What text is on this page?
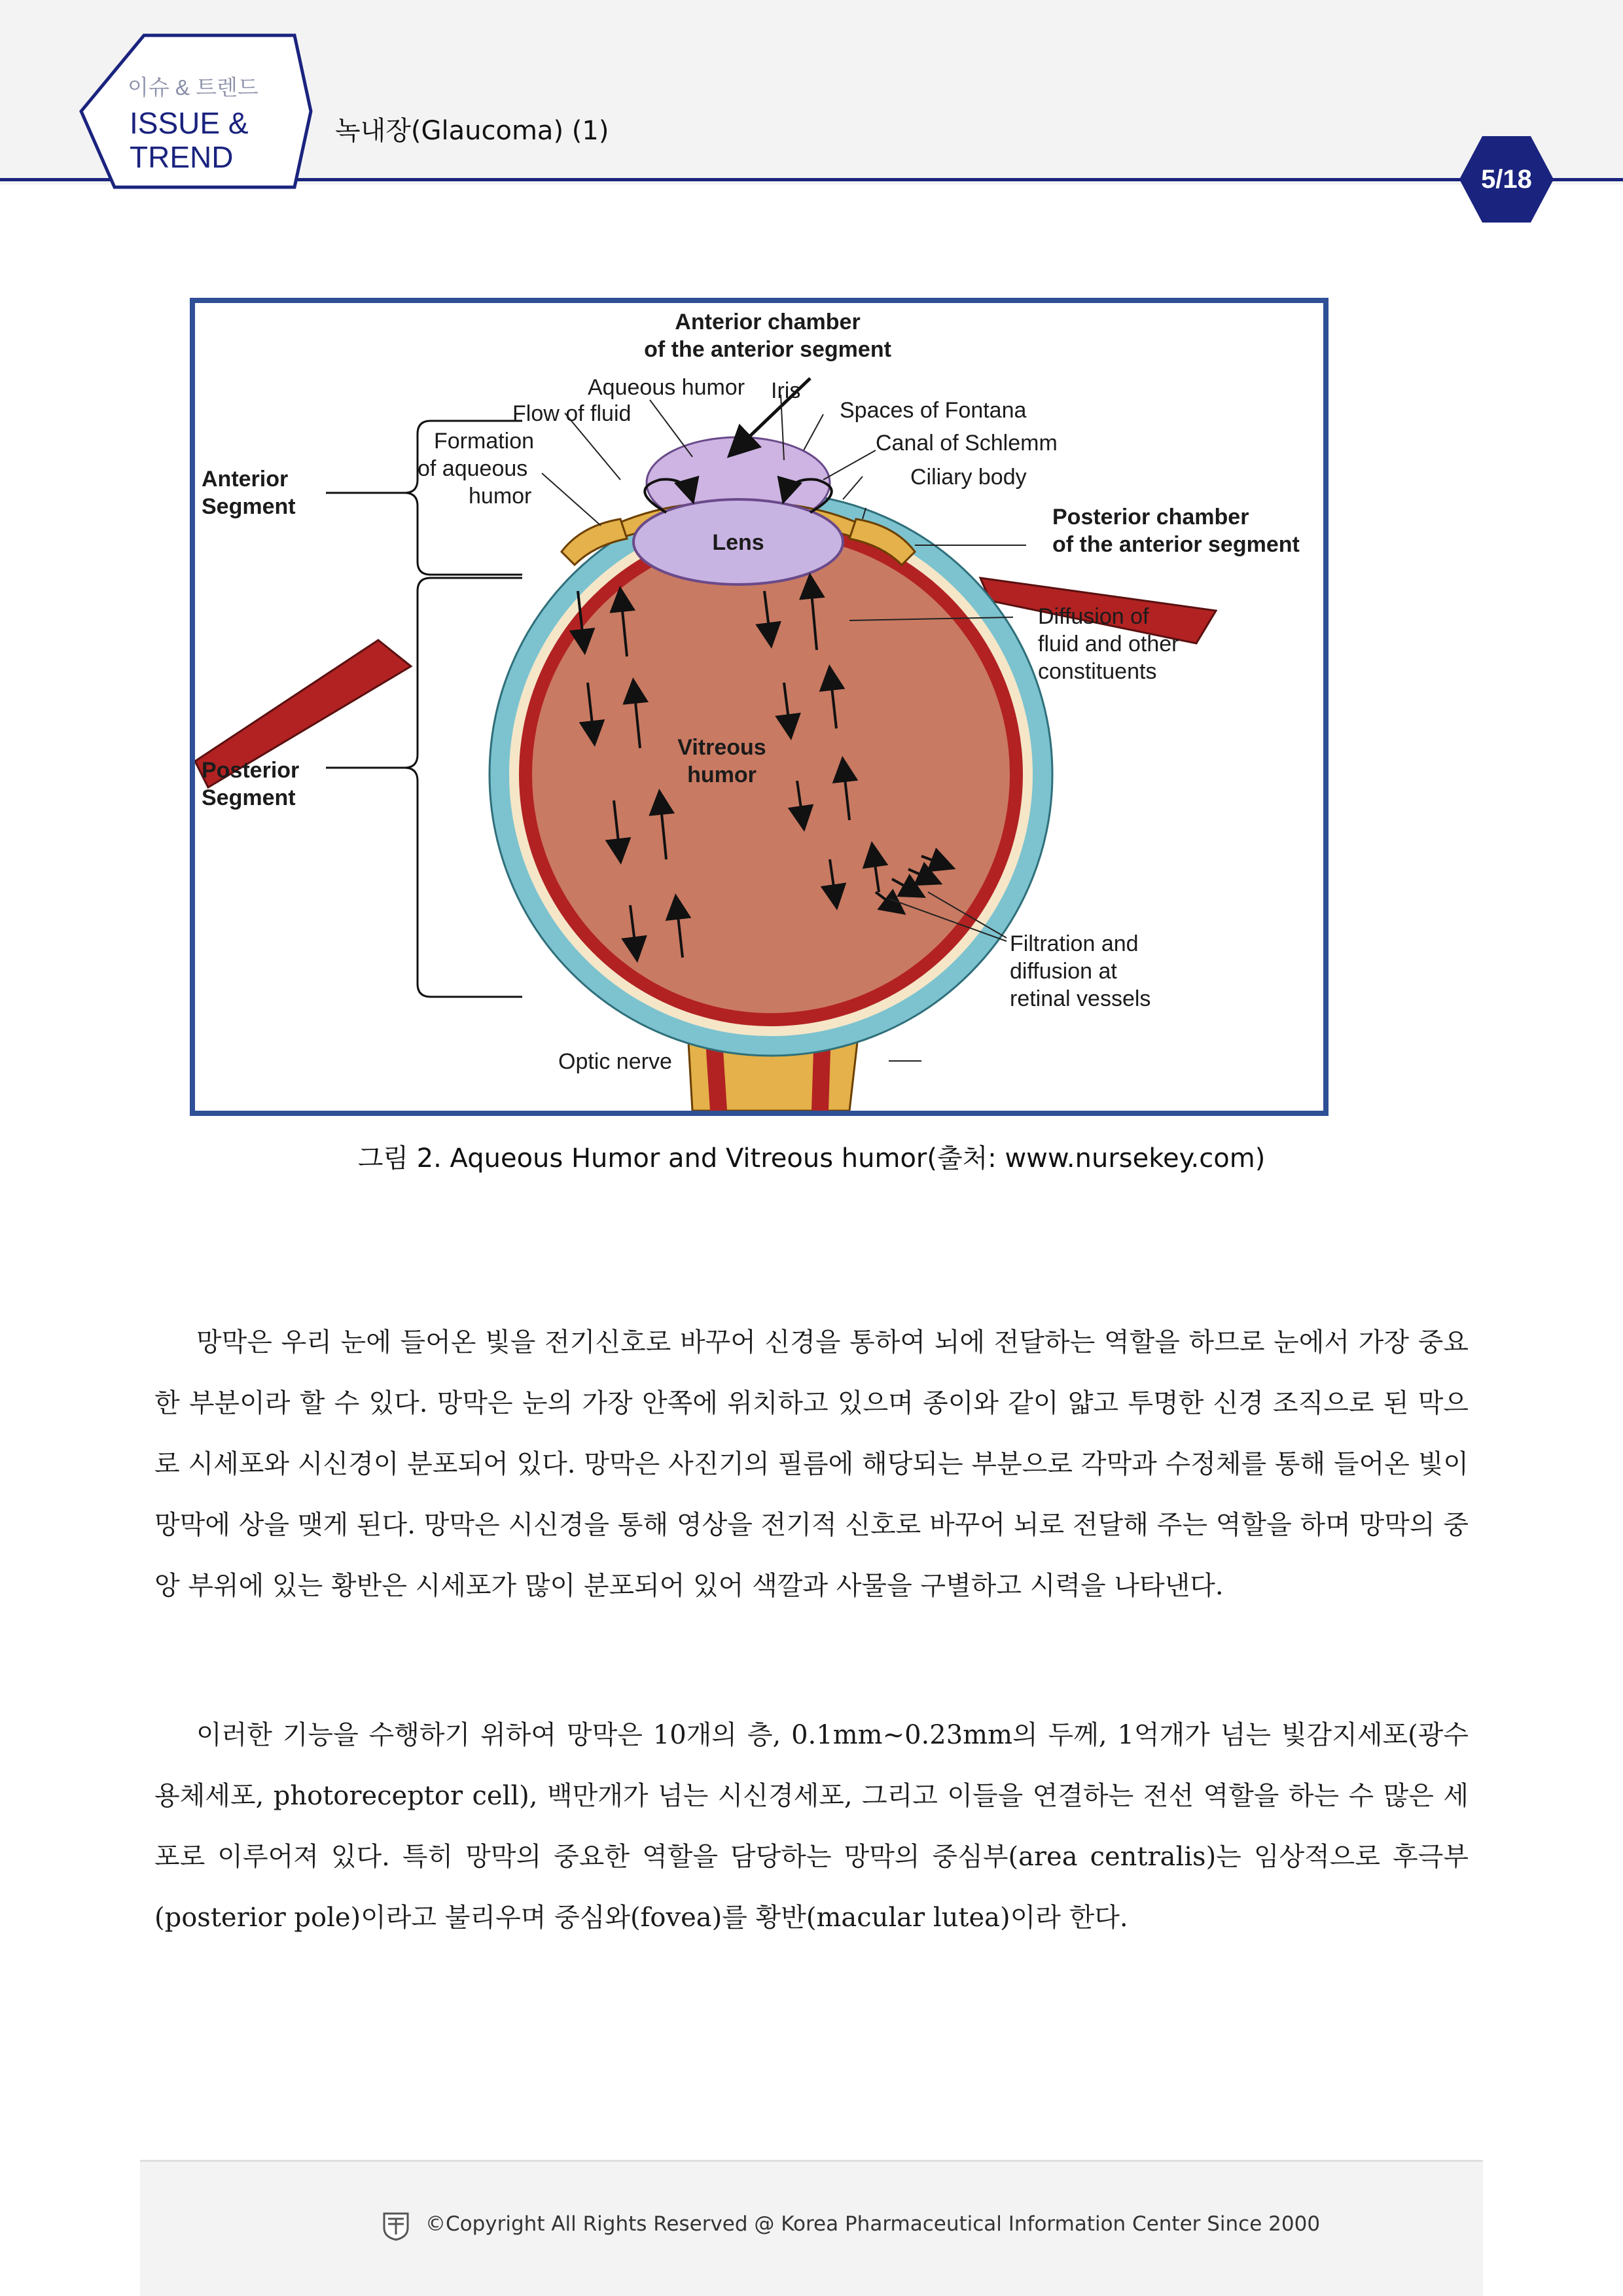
이슈 & 트렌드
ISSUE &
TREND
녹내장(Glaucoma) (1)
5/18
Anterior chamber
of the anterior segment
Aqueous humor Iris
Flow of fluid	Spaces of Fontana
Formation
of aqueous
humor
Canal of Schlemm
Ciliary body
Anterior
Segment
Lens
Posterior chamber
of the anterior segment
Diffusion of
fluid and other
constituents
Vitreous
humor
Posterior
Segment
Filtration and
diffusion at
retinal vessels
Optic nerve
그림 2. Aqueous Humor and Vitreous humor(출처: www.nursekey.com)

망막은 우리 눈에 들어온 빛을 전기신호로 바꾸어 신경을 통하여 뇌에 전달하는 역할을 하므로 눈에서 가장 중요한 부분이라 할 수 있다. 망막은 눈의 가장 안쪽에 위치하고 있으며 종이와 같이 얇고 투명한 신경 조직으로 된 막으로 시세포와 시신경이 분포되어 있다. 망막은 사진기의 필름에 해당되는 부분으로 각막과 수정체를 통해 들어온 빛이 망막에 상을 맺게 된다. 망막은 시신경을 통해 영상을 전기적 신호로 바꾸어 뇌로 전달해 주는 역할을 하며 망막의 중앙 부위에 있는 황반은 시세포가 많이 분포되어 있어 색깔과 사물을 구별하고 시력을 나타낸다.

이러한 기능을 수행하기 위하여 망막은 10개의 층, 0.1mm~0.23mm의 두께, 1억개가 넘는 빛감지세포(광수용체세포, photoreceptor cell), 백만개가 넘는 시신경세포, 그리고 이들을 연결하는 전선 역할을 하는 수 많은 세포로 이루어져 있다. 특히 망막의 중요한 역할을 담당하는 망막의 중심부(area centralis)는 임상적으로 후극부(posterior pole)이라고 불리우며 중심와(fovea)를 황반(macular lutea)이라 한다.

©Copyright All Rights Reserved @ Korea Pharmaceutical Information Center Since 2000
